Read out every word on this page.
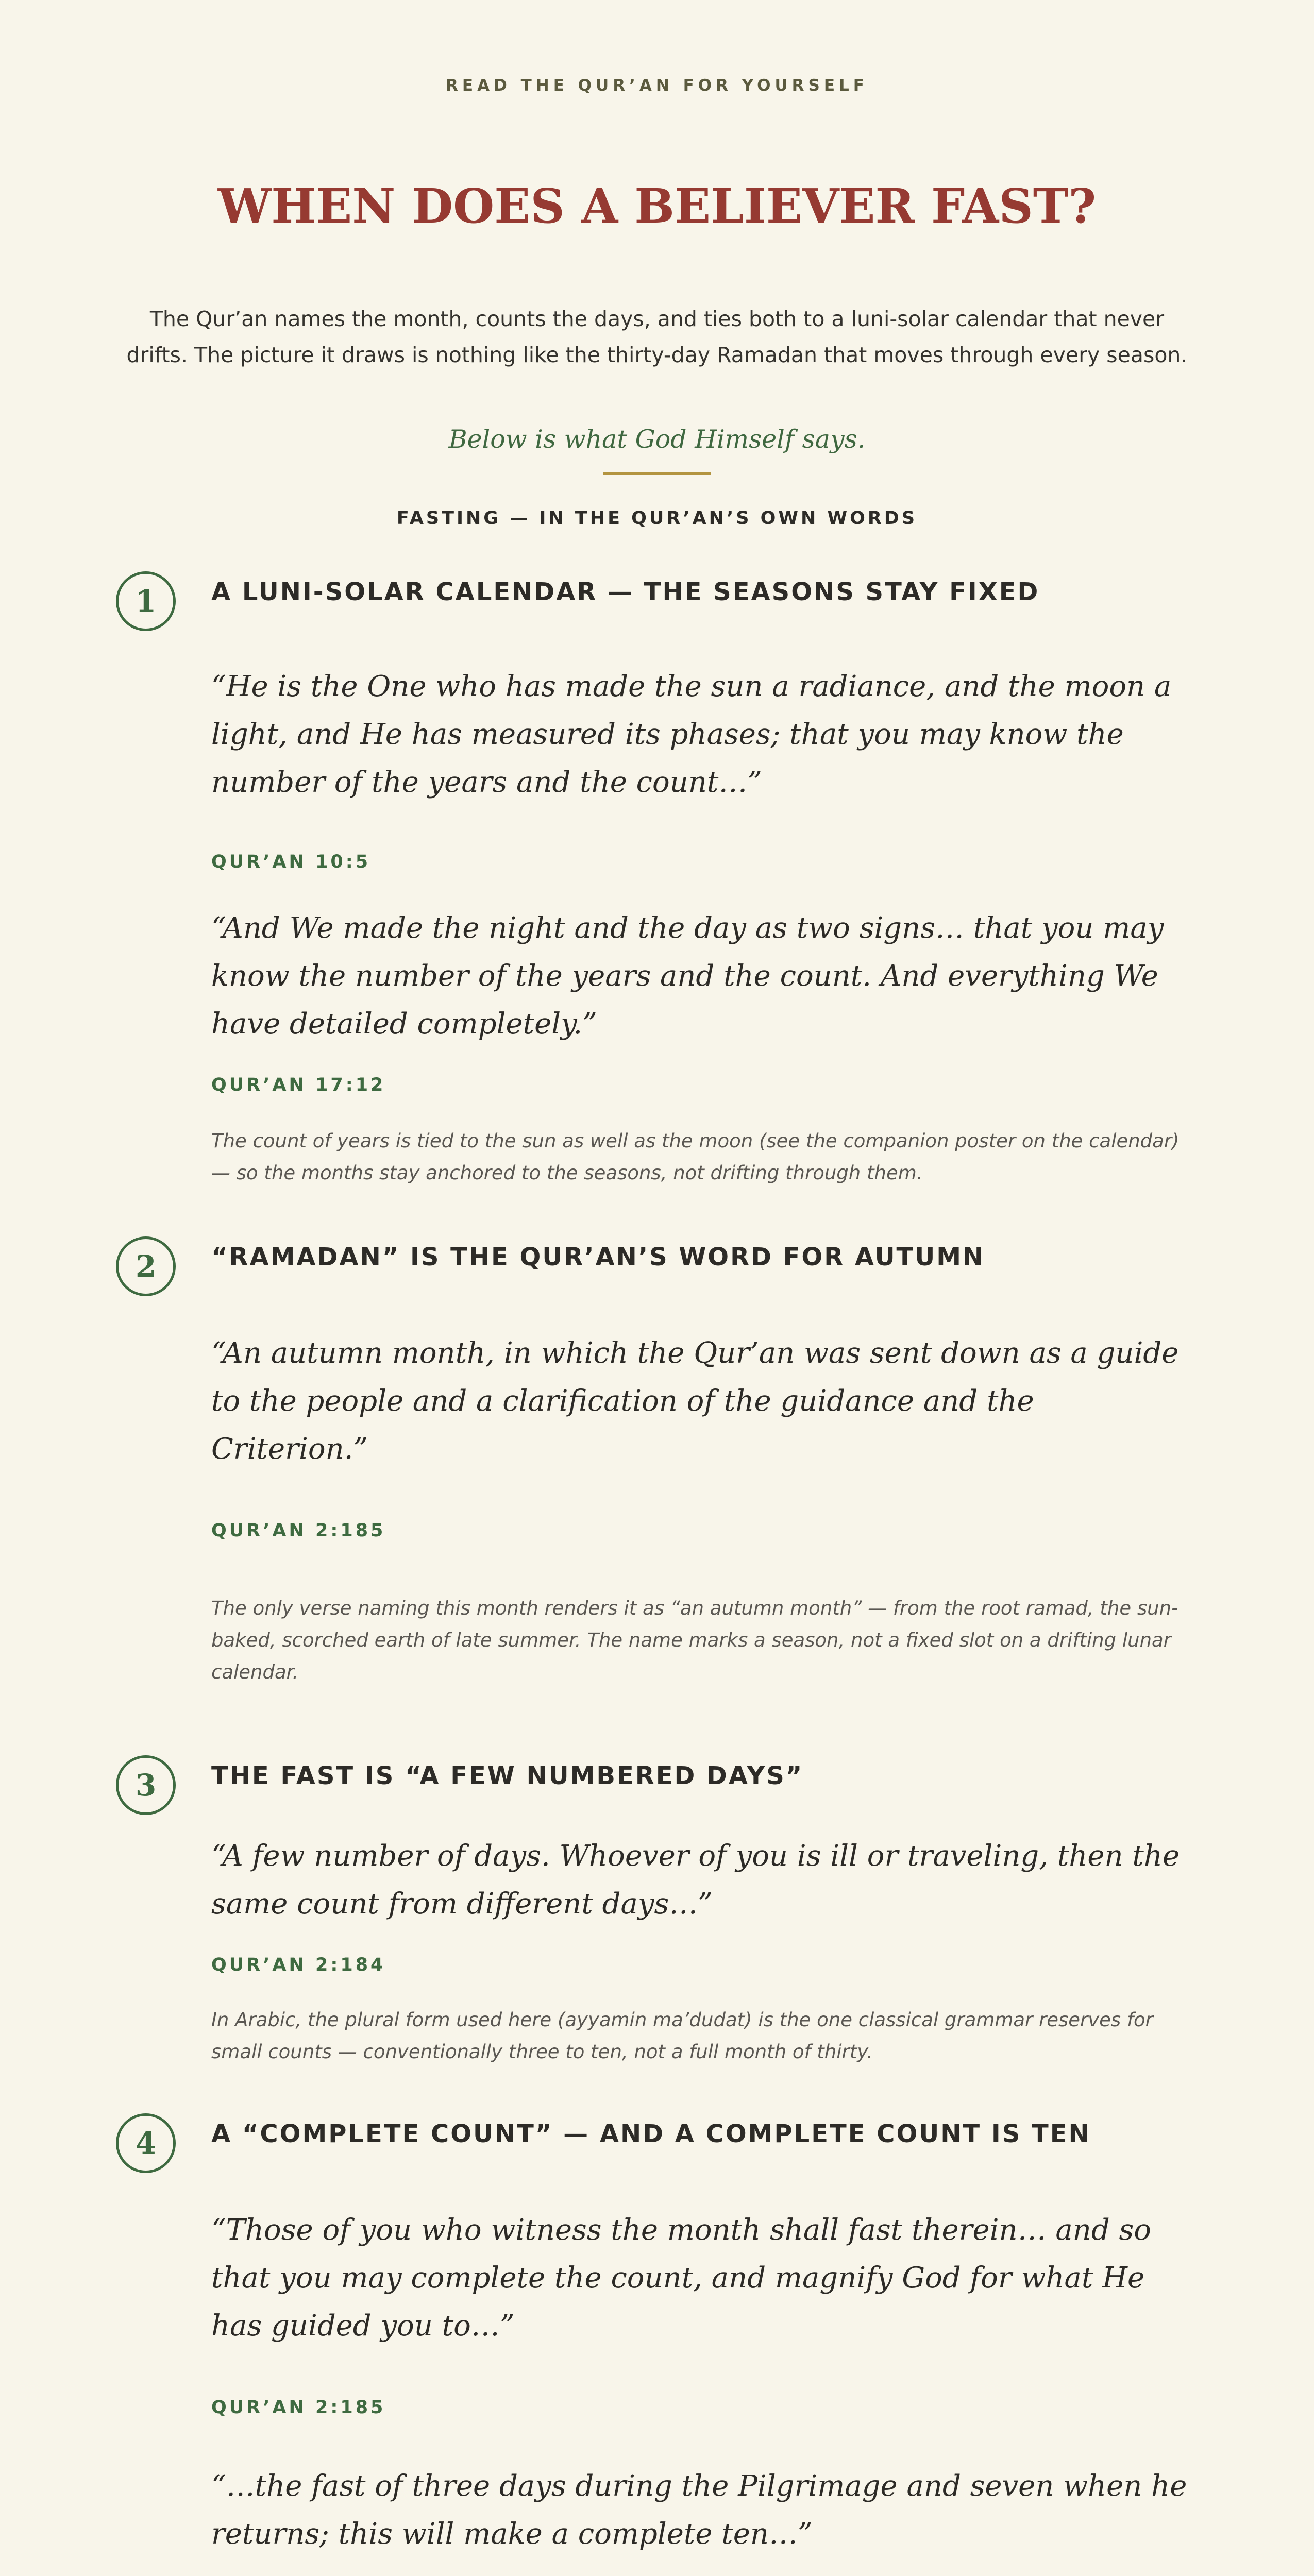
READ THE QUR’AN FOR YOURSELF

WHEN DOES A BELIEVER FAST?

The Qur’an names the month, counts the days, and ties both to a luni-solar calendar that never drifts. The picture it draws is nothing like the thirty-day Ramadan that moves through every season.

Below is what God Himself says.

FASTING — IN THE QUR’AN’S OWN WORDS

1	A LUNI-SOLAR CALENDAR — THE SEASONS STAY FIXED

“He is the One who has made the sun a radiance, and the moon a light, and He has measured its phases; that you may know the number of the years and the count…”

QUR’AN 10:5

“And We made the night and the day as two signs… that you may know the number of the years and the count. And everything We have detailed completely.”

QUR’AN 17:12

The count of years is tied to the sun as well as the moon (see the companion poster on the calendar) — so the months stay anchored to the seasons, not drifting through them.

2	“RAMADAN” IS THE QUR’AN’S WORD FOR AUTUMN

“An autumn month, in which the Qur’an was sent down as a guide to the people and a clarification of the guidance and the Criterion.”

QUR’AN 2:185

The only verse naming this month renders it as “an autumn month” — from the root ramad, the sun-baked, scorched earth of late summer. The name marks a season, not a fixed slot on a drifting lunar calendar.

3	THE FAST IS “A FEW NUMBERED DAYS”

“A few number of days. Whoever of you is ill or traveling, then the same count from different days…”

QUR’AN 2:184

In Arabic, the plural form used here (ayyamin ma’dudat) is the one classical grammar reserves for small counts — conventionally three to ten, not a full month of thirty.

4	A “COMPLETE COUNT” — AND A COMPLETE COUNT IS TEN

“Those of you who witness the month shall fast therein… and so that you may complete the count, and magnify God for what He has guided you to…”

QUR’AN 2:185

“…the fast of three days during the Pilgrimage and seven when he returns; this will make a complete ten…”
